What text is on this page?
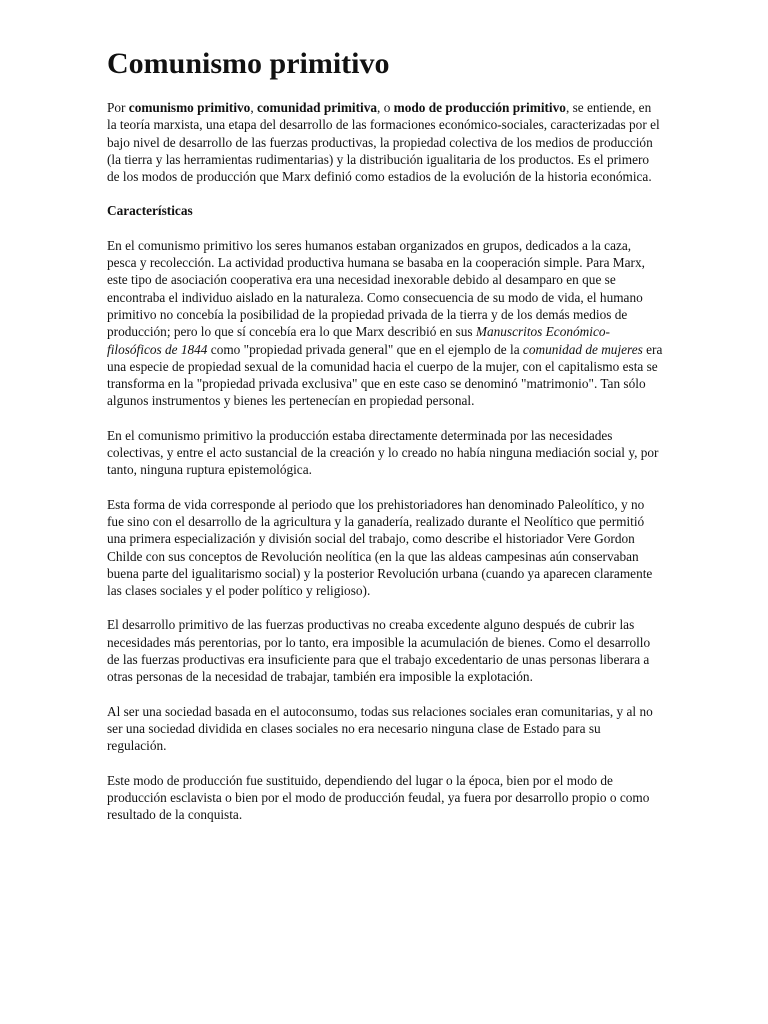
Comunismo primitivo

Por comunismo primitivo, comunidad primitiva, o modo de producción primitivo, se entiende, en la teoría marxista, una etapa del desarrollo de las formaciones económico-sociales, caracterizadas por el bajo nivel de desarrollo de las fuerzas productivas, la propiedad colectiva de los medios de producción (la tierra y las herramientas rudimentarias) y la distribución igualitaria de los productos. Es el primero de los modos de producción que Marx definió como estadios de la evolución de la historia económica.

Características

En el comunismo primitivo los seres humanos estaban organizados en grupos, dedicados a la caza, pesca y recolección. La actividad productiva humana se basaba en la cooperación simple. Para Marx, este tipo de asociación cooperativa era una necesidad inexorable debido al desamparo en que se encontraba el individuo aislado en la naturaleza. Como consecuencia de su modo de vida, el humano primitivo no concebía la posibilidad de la propiedad privada de la tierra y de los demás medios de producción; pero lo que sí concebía era lo que Marx describió en sus Manuscritos Económico-filosóficos de 1844 como "propiedad privada general" que en el ejemplo de la comunidad de mujeres era una especie de propiedad sexual de la comunidad hacia el cuerpo de la mujer, con el capitalismo esta se transforma en la "propiedad privada exclusiva" que en este caso se denominó "matrimonio". Tan sólo algunos instrumentos y bienes les pertenecían en propiedad personal.

En el comunismo primitivo la producción estaba directamente determinada por las necesidades colectivas, y entre el acto sustancial de la creación y lo creado no había ninguna mediación social y, por tanto, ninguna ruptura epistemológica.

Esta forma de vida corresponde al periodo que los prehistoriadores han denominado Paleolítico, y no fue sino con el desarrollo de la agricultura y la ganadería, realizado durante el Neolítico que permitió una primera especialización y división social del trabajo, como describe el historiador Vere Gordon Childe con sus conceptos de Revolución neolítica (en la que las aldeas campesinas aún conservaban buena parte del igualitarismo social) y la posterior Revolución urbana (cuando ya aparecen claramente las clases sociales y el poder político y religioso).

El desarrollo primitivo de las fuerzas productivas no creaba excedente alguno después de cubrir las necesidades más perentorias, por lo tanto, era imposible la acumulación de bienes. Como el desarrollo de las fuerzas productivas era insuficiente para que el trabajo excedentario de unas personas liberara a otras personas de la necesidad de trabajar, también era imposible la explotación.

Al ser una sociedad basada en el autoconsumo, todas sus relaciones sociales eran comunitarias, y al no ser una sociedad dividida en clases sociales no era necesario ninguna clase de Estado para su regulación.

Este modo de producción fue sustituido, dependiendo del lugar o la época, bien por el modo de producción esclavista o bien por el modo de producción feudal, ya fuera por desarrollo propio o como resultado de la conquista.
